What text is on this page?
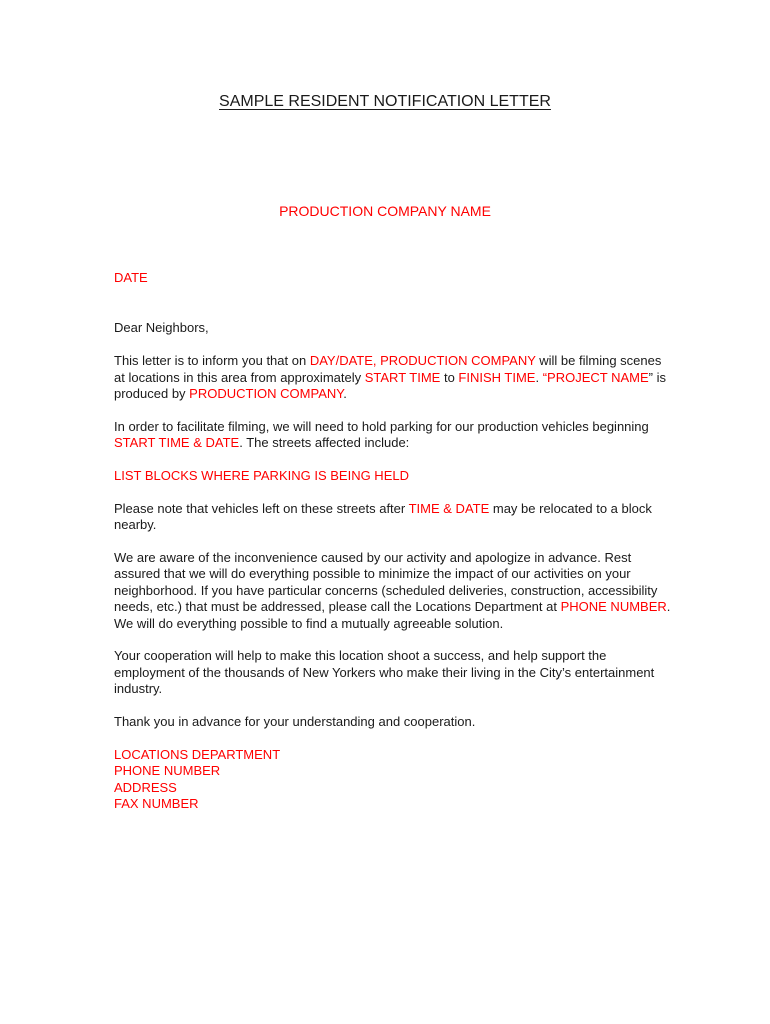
SAMPLE RESIDENT NOTIFICATION LETTER

PRODUCTION COMPANY NAME

DATE

Dear Neighbors,

This letter is to inform you that on DAY/DATE, PRODUCTION COMPANY will be filming scenes at locations in this area from approximately START TIME to FINISH TIME. “PROJECT NAME” is produced by PRODUCTION COMPANY.

In order to facilitate filming, we will need to hold parking for our production vehicles beginning START TIME & DATE. The streets affected include:

LIST BLOCKS WHERE PARKING IS BEING HELD

Please note that vehicles left on these streets after TIME & DATE may be relocated to a block nearby.

We are aware of the inconvenience caused by our activity and apologize in advance. Rest assured that we will do everything possible to minimize the impact of our activities on your neighborhood. If you have particular concerns (scheduled deliveries, construction, accessibility needs, etc.) that must be addressed, please call the Locations Department at PHONE NUMBER. We will do everything possible to find a mutually agreeable solution.

Your cooperation will help to make this location shoot a success, and help support the employment of the thousands of New Yorkers who make their living in the City’s entertainment industry.

Thank you in advance for your understanding and cooperation.

LOCATIONS DEPARTMENT

PHONE NUMBER

ADDRESS

FAX NUMBER
